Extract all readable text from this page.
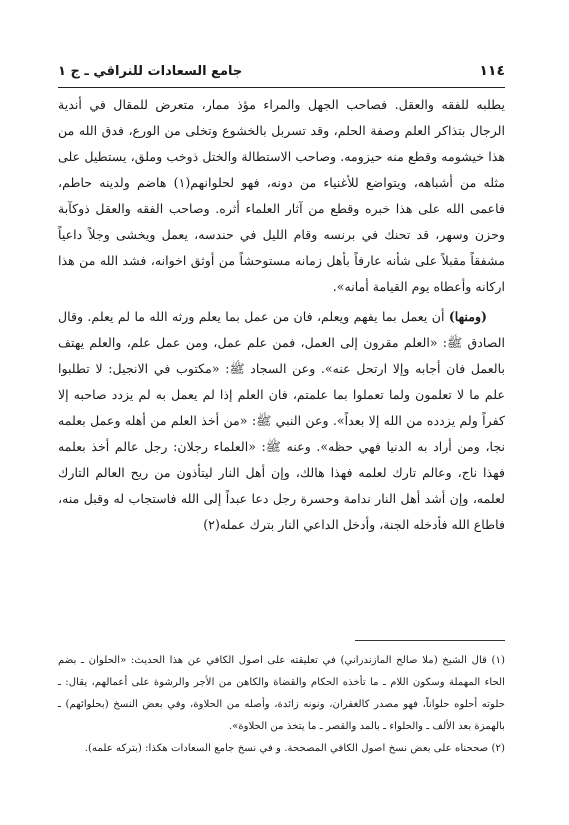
١١٤
جامع السعادات للنراقي ـ ج ١

يطلبه للفقه والعقل. فصاحب الجهل والمراء مؤذ ممار، متعرض للمقال في أندية الرجال بتذاكر العلم وصفة الحلم، وقد تسربل بالخشوع وتخلى من الورع، فدق الله من هذا خيشومه وقطع منه حيزومه. وصاحب الاستطالة والختل ذوخب وملق، يستطيل على مثله من أشباهه، ويتواضع للأغنياء من دونه، فهو لحلوانهم(١) هاضم ولدينه حاطم، فاعمى الله على هذا خبره وقطع من آثار العلماء أثره. وصاحب الفقه والعقل ذوكآبة وحزن وسهر، قد تحنك في برنسه وقام الليل في حندسه، يعمل ويخشى وجلاً داعياً مشفقاً مقبلاً على شأنه عارفاً بأهل زمانه مستوحشاً من أوثق اخوانه، فشد الله من هذا اركانه وأعطاه يوم القيامة أمانه».

(ومنها) أن يعمل بما يفهم ويعلم، فان من عمل بما يعلم ورثه الله ما لم يعلم. وقال الصادق ﷺ: «العلم مقرون إلى العمل، فمن علم عمل، ومن عمل علم، والعلم يهتف بالعمل فان أجابه وإلا ارتحل عنه». وعن السجاد ﷺ: «مكتوب في الانجيل: لا تطلبوا علم ما لا تعلمون ولما تعملوا بما علمتم، فان العلم إذا لم يعمل به لم يزدد صاحبه إلا كفراً ولم يزدده من الله إلا بعداً». وعن النبي ﷺ: «من أخذ العلم من أهله وعمل بعلمه نجا، ومن أراد به الدنيا فهي حظه». وعنه ﷺ: «العلماء رجلان: رجل عالم أخذ بعلمه فهذا ناج، وعالم تارك لعلمه فهذا هالك، وإن أهل النار ليتأذون من ريح العالم التارك لعلمه، وإن أشد أهل النار ندامة وحسرة رجل دعا عبداً إلى الله فاستجاب له وقبل منه، فاطاع الله فأدخله الجنة، وأدخل الداعي النار بترك عمله(٢)

(١) قال الشيخ (ملا صالح المازندراني) في تعليقته على اصول الكافي عن هذا الحديث: «الحلوان ـ بضم الحاء المهملة وسكون اللام ـ ما تأخذه الحكام والقضاة والكاهن من الأجر والرشوة على أعمالهم، يقال: ـ حلوته أحلوه حلواناً، فهو مصدر كالغفران، ونونه زائدة، وأصله من الحلاوة، وفي بعض النسخ (بحلوائهم) ـ بالهمزة بعد الألف ـ والحلواء ـ بالمد والقصر ـ ما يتخذ من الحلاوة».

(٢) صححناه على بعض نسخ اصول الكافي المصححة. و في نسخ جامع السعادات هكذا: (بتركه علمه).
